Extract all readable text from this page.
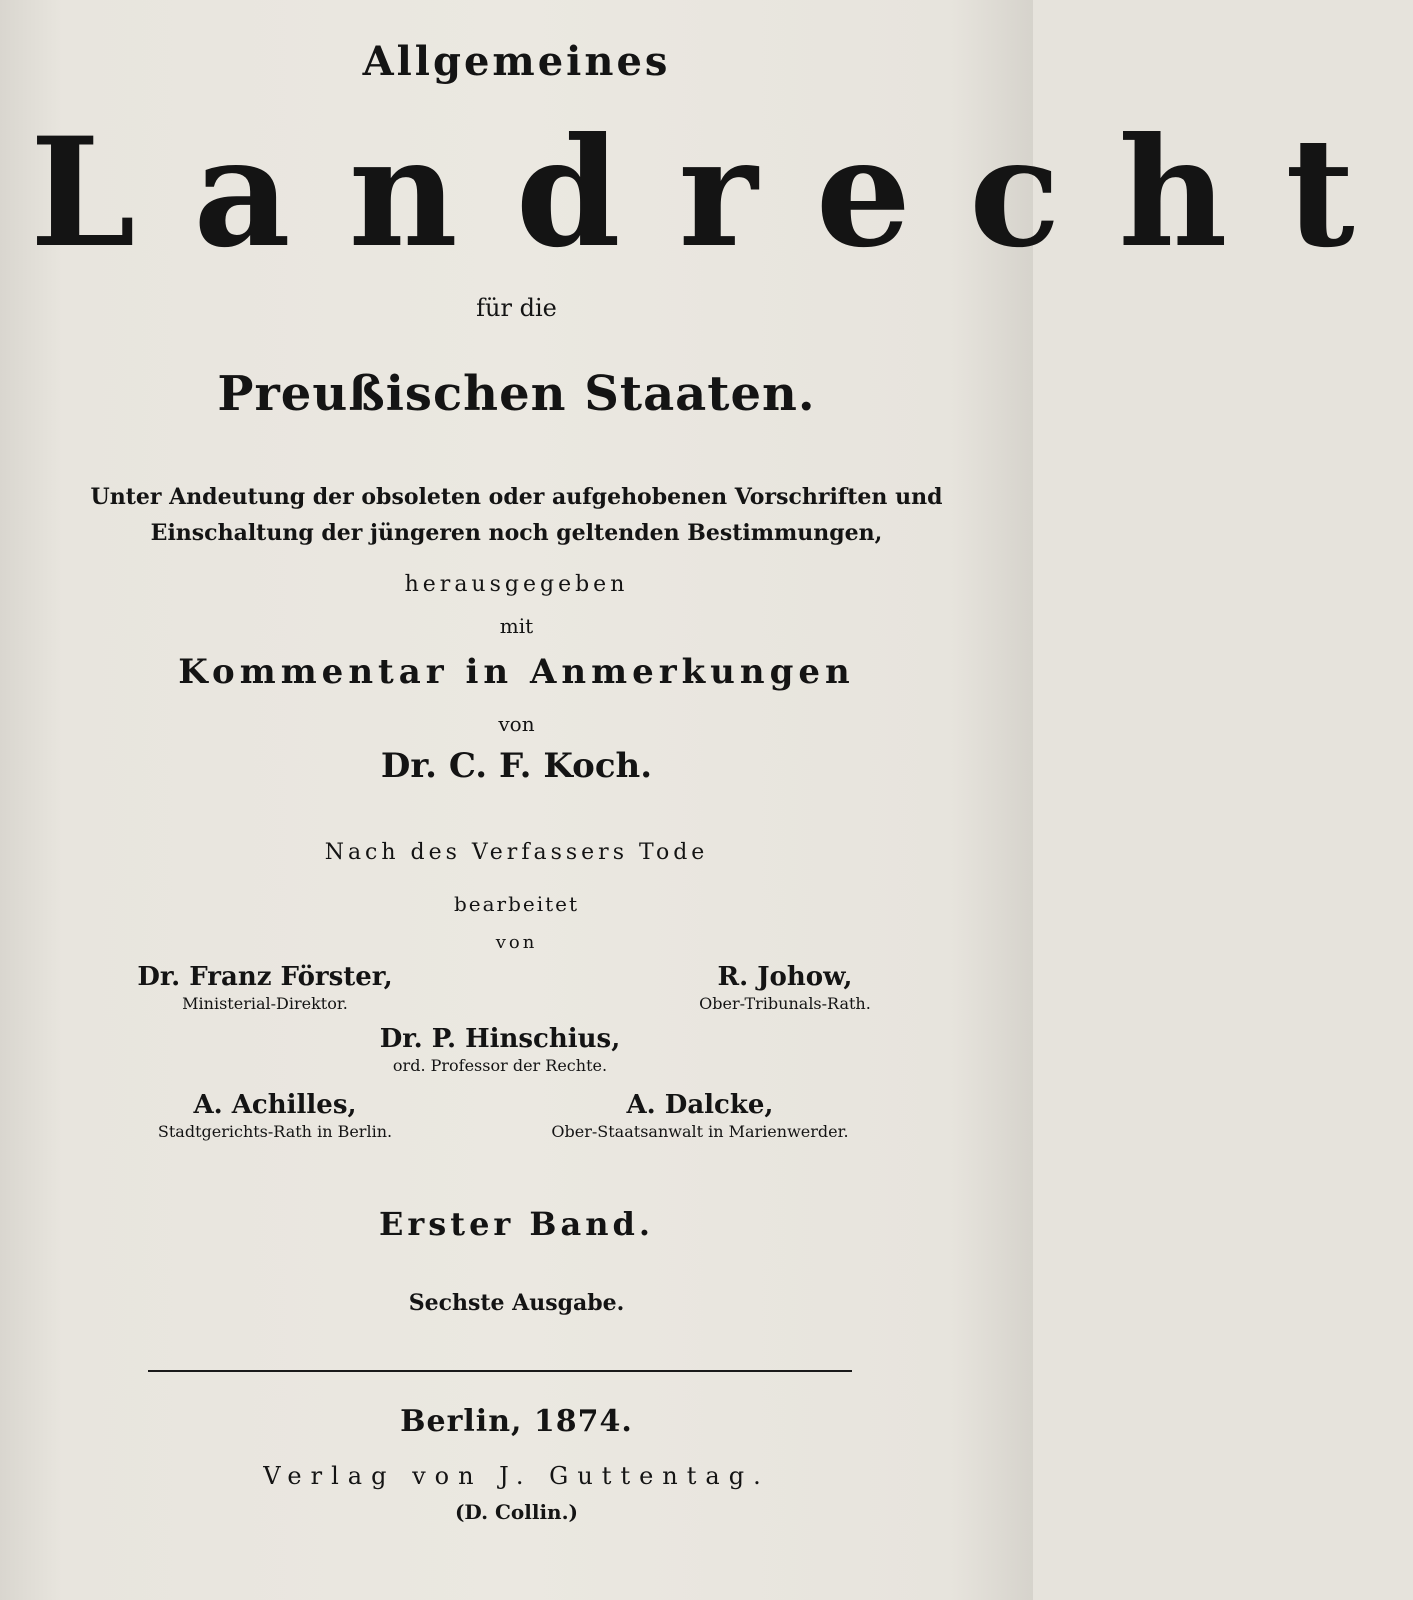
Allgemeines
Landrecht
für die
Preußischen Staaten.
Unter Andeutung der obsoleten oder aufgehobenen Vorschriften und
Einschaltung der jüngeren noch geltenden Bestimmungen,
herausgegeben
mit
Kommentar in Anmerkungen
von
Dr. C. F. Koch.
Nach des Verfassers Tode
bearbeitet
von
Dr. Franz Förster,
Ministerial-Direktor.
R. Johow,
Ober-Tribunals-Rath.
Dr. P. Hinschius,
ord. Professor der Rechte.
A. Achilles,
Stadtgerichts-Rath in Berlin.
A. Dalcke,
Ober-Staatsanwalt in Marienwerder.
Erster Band.
Sechste Ausgabe.
Berlin, 1874.
Verlag von J. Guttentag.
(D. Collin.)
